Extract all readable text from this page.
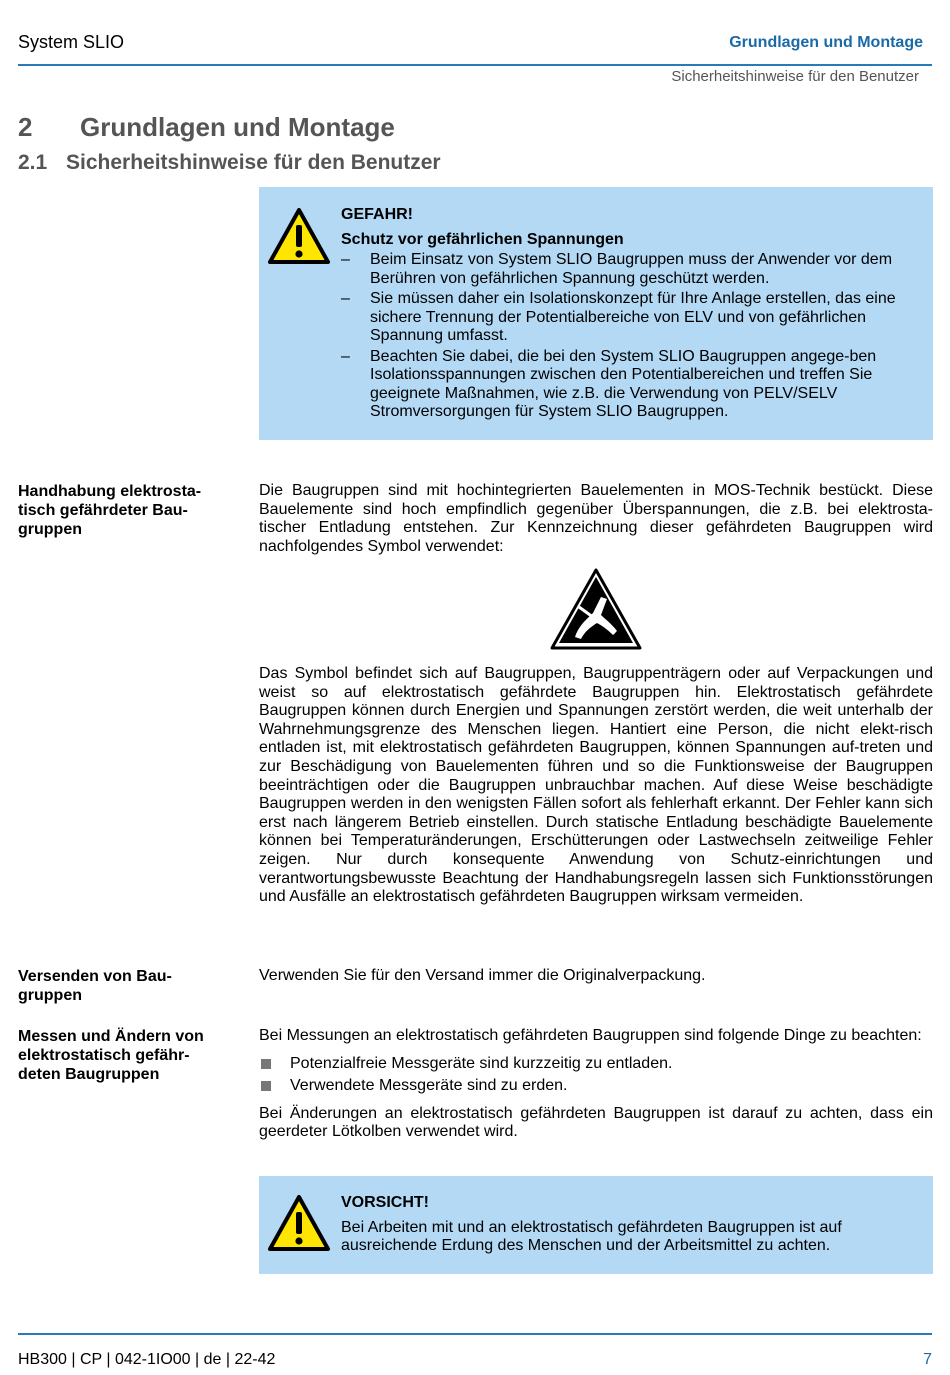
System SLIO	Grundlagen und Montage
Sicherheitshinweise für den Benutzer
2 Grundlagen und Montage
2.1 Sicherheitshinweise für den Benutzer
GEFAHR!
Schutz vor gefährlichen Spannungen
–	Beim Einsatz von System SLIO Baugruppen muss der Anwender vor dem Berühren von gefährlichen Spannung geschützt werden.
–	Sie müssen daher ein Isolationskonzept für Ihre Anlage erstellen, das eine sichere Trennung der Potentialbereiche von ELV und von gefährlichen Spannung umfasst.
–	Beachten Sie dabei, die bei den System SLIO Baugruppen angege-ben Isolationsspannungen zwischen den Potentialbereichen und treffen Sie geeignete Maßnahmen, wie z.B. die Verwendung von PELV/SELV Stromversorgungen für System SLIO Baugruppen.
Handhabung elektrosta-tisch gefährdeter Bau-gruppen
Die Baugruppen sind mit hochintegrierten Bauelementen in MOS-Technik bestückt. Diese Bauelemente sind hoch empfindlich gegenüber Überspannungen, die z.B. bei elektrosta-tischer Entladung entstehen. Zur Kennzeichnung dieser gefährdeten Baugruppen wird nachfolgendes Symbol verwendet:
Das Symbol befindet sich auf Baugruppen, Baugruppenträgern oder auf Verpackungen und weist so auf elektrostatisch gefährdete Baugruppen hin. Elektrostatisch gefährdete Baugruppen können durch Energien und Spannungen zerstört werden, die weit unterhalb der Wahrnehmungsgrenze des Menschen liegen. Hantiert eine Person, die nicht elekt-risch entladen ist, mit elektrostatisch gefährdeten Baugruppen, können Spannungen auf-treten und zur Beschädigung von Bauelementen führen und so die Funktionsweise der Baugruppen beeinträchtigen oder die Baugruppen unbrauchbar machen. Auf diese Weise beschädigte Baugruppen werden in den wenigsten Fällen sofort als fehlerhaft erkannt. Der Fehler kann sich erst nach längerem Betrieb einstellen. Durch statische Entladung beschädigte Bauelemente können bei Temperaturänderungen, Erschütterungen oder Lastwechseln zeitweilige Fehler zeigen. Nur durch konsequente Anwendung von Schutz-einrichtungen und verantwortungsbewusste Beachtung der Handhabungsregeln lassen sich Funktionsstörungen und Ausfälle an elektrostatisch gefährdeten Baugruppen wirksam vermeiden.
Versenden von Bau-gruppen
Verwenden Sie für den Versand immer die Originalverpackung.
Messen und Ändern von elektrostatisch gefähr-deten Baugruppen
Bei Messungen an elektrostatisch gefährdeten Baugruppen sind folgende Dinge zu beachten:
Potenzialfreie Messgeräte sind kurzzeitig zu entladen.
Verwendete Messgeräte sind zu erden.
Bei Änderungen an elektrostatisch gefährdeten Baugruppen ist darauf zu achten, dass ein geerdeter Lötkolben verwendet wird.
VORSICHT!
Bei Arbeiten mit und an elektrostatisch gefährdeten Baugruppen ist auf ausreichende Erdung des Menschen und der Arbeitsmittel zu achten.
HB300 | CP | 042-1IO00 | de | 22-42	7
